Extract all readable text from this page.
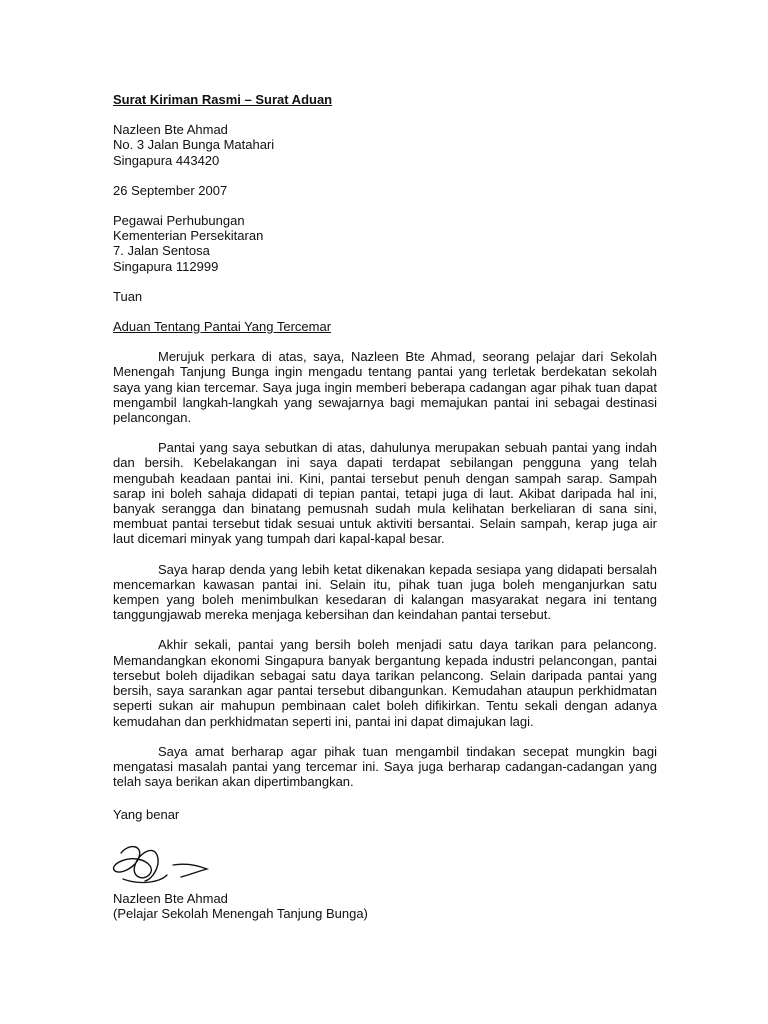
Surat Kiriman Rasmi – Surat Aduan
Nazleen Bte Ahmad
No. 3 Jalan Bunga Matahari
Singapura 443420
26 September 2007
Pegawai Perhubungan
Kementerian Persekitaran
7. Jalan Sentosa
Singapura 112999
Tuan
Aduan Tentang Pantai Yang Tercemar

Merujuk perkara di atas, saya, Nazleen Bte Ahmad, seorang pelajar dari Sekolah Menengah Tanjung Bunga ingin mengadu tentang pantai yang terletak berdekatan sekolah saya yang kian tercemar. Saya juga ingin memberi beberapa cadangan agar pihak tuan dapat mengambil langkah-langkah yang sewajarnya bagi memajukan pantai ini sebagai destinasi pelancongan.

Pantai yang saya sebutkan di atas, dahulunya merupakan sebuah pantai yang indah dan bersih. Kebelakangan ini saya dapati terdapat sebilangan pengguna yang telah mengubah keadaan pantai ini. Kini, pantai tersebut penuh dengan sampah sarap. Sampah sarap ini boleh sahaja didapati di tepian pantai, tetapi juga di laut. Akibat daripada hal ini, banyak serangga dan binatang pemusnah sudah mula kelihatan berkeliaran di sana sini, membuat pantai tersebut tidak sesuai untuk aktiviti bersantai. Selain sampah, kerap juga air laut dicemari minyak yang tumpah dari kapal-kapal besar.

Saya harap denda yang lebih ketat dikenakan kepada sesiapa yang didapati bersalah mencemarkan kawasan pantai ini. Selain itu, pihak tuan juga boleh menganjurkan satu kempen yang boleh menimbulkan kesedaran di kalangan masyarakat negara ini tentang tanggungjawab mereka menjaga kebersihan dan keindahan pantai tersebut.

Akhir sekali, pantai yang bersih boleh menjadi satu daya tarikan para pelancong. Memandangkan ekonomi Singapura banyak bergantung kepada industri pelancongan, pantai tersebut boleh dijadikan sebagai satu daya tarikan pelancong. Selain daripada pantai yang bersih, saya sarankan agar pantai tersebut dibangunkan. Kemudahan ataupun perkhidmatan seperti sukan air mahupun pembinaan calet boleh difikirkan. Tentu sekali dengan adanya kemudahan dan perkhidmatan seperti ini, pantai ini dapat dimajukan lagi.

Saya amat berharap agar pihak tuan mengambil tindakan secepat mungkin bagi mengatasi masalah pantai yang tercemar ini. Saya juga berharap cadangan-cadangan yang telah saya berikan akan dipertimbangkan.

Yang benar
Nazleen Bte Ahmad
(Pelajar Sekolah Menengah Tanjung Bunga)
